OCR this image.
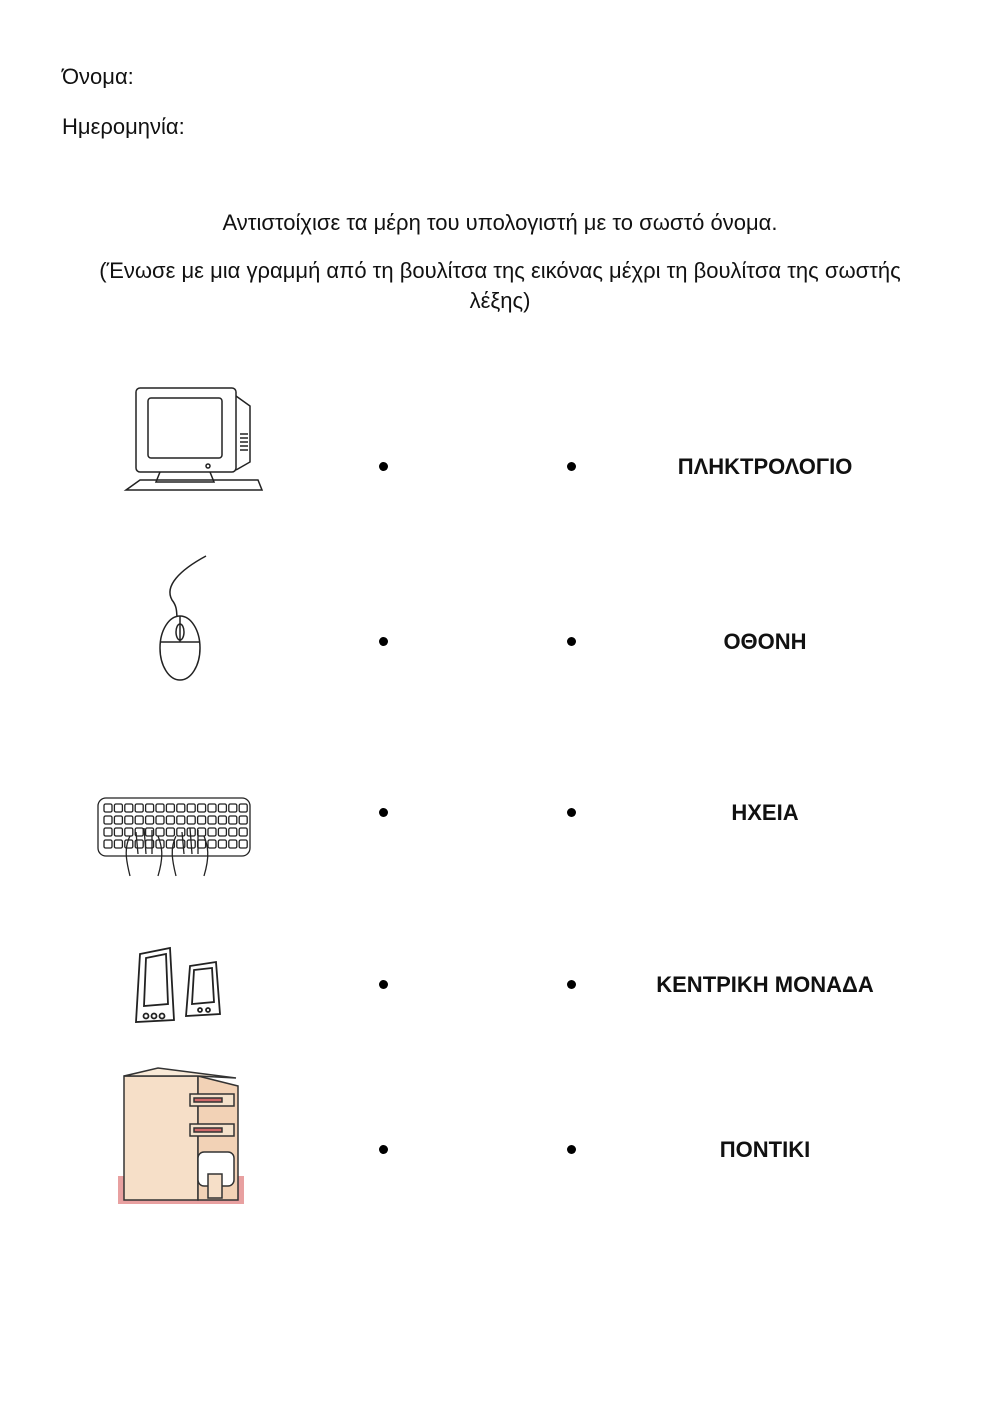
Όνομα:
Ημερομηνία:
Αντιστοίχισε τα μέρη του υπολογιστή με το σωστό όνομα.
(Ένωσε με μια γραμμή από τη βουλίτσα της εικόνας μέχρι τη βουλίτσα της σωστής λέξης)
ΠΛΗΚΤΡΟΛΟΓΙΟ
ΟΘΟΝΗ
ΗΧΕΙΑ
ΚΕΝΤΡΙΚΗ ΜΟΝΑΔΑ
ΠΟΝΤΙΚΙ
